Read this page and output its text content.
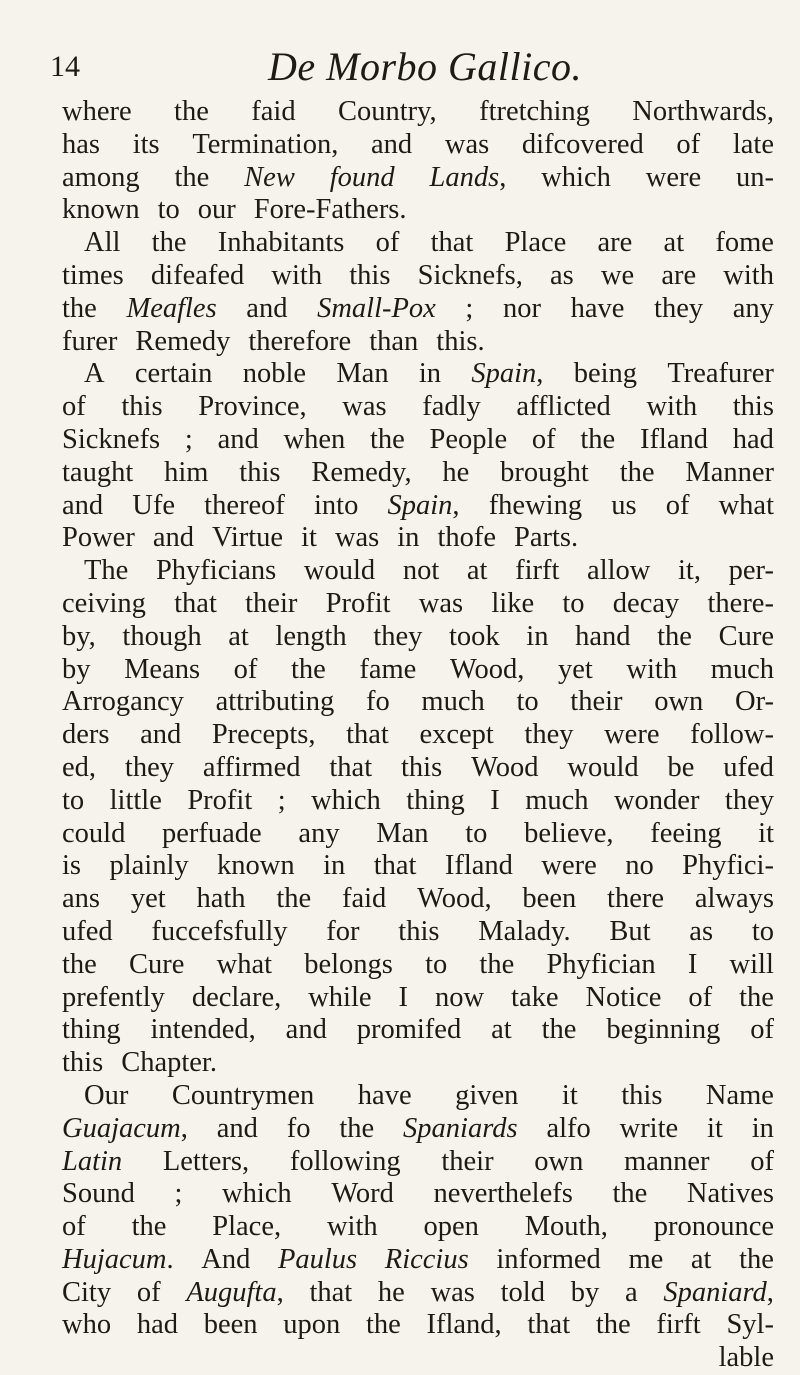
14	De Morbo Gallico.
where the faid Country, ftretching Northwards,
has its Termination, and was difcovered of late
among the New found Lands, which were un-
known to our Fore-Fathers.
All the Inhabitants of that Place are at fome
times difeafed with this Sicknefs, as we are with
the Meafles and Small-Pox ; nor have they any
furer Remedy therefore than this.
A certain noble Man in Spain, being Treafurer
of this Province, was fadly afflicted with this
Sicknefs ; and when the People of the Ifland had
taught him this Remedy, he brought the Manner
and Ufe thereof into Spain, fhewing us of what
Power and Virtue it was in thofe Parts.
The Phyficians would not at firft allow it, per-
ceiving that their Profit was like to decay there-
by, though at length they took in hand the Cure
by Means of the fame Wood, yet with much
Arrogancy attributing fo much to their own Or-
ders and Precepts, that except they were follow-
ed, they affirmed that this Wood would be ufed
to little Profit ; which thing I much wonder they
could perfuade any Man to believe, feeing it
is plainly known in that Ifland were no Phyfici-
ans yet hath the faid Wood, been there always
ufed fuccefsfully for this Malady. But as to
the Cure what belongs to the Phyfician I will
prefently declare, while I now take Notice of the
thing intended, and promifed at the beginning of
this Chapter.
Our Countrymen have given it this Name
Guajacum, and fo the Spaniards alfo write it in
Latin Letters, following their own manner of
Sound ; which Word neverthelefs the Natives
of the Place, with open Mouth, pronounce
Hujacum. And Paulus Riccius informed me at the
City of Augufta, that he was told by a Spaniard,
who had been upon the Ifland, that the firft Syl-
lable
